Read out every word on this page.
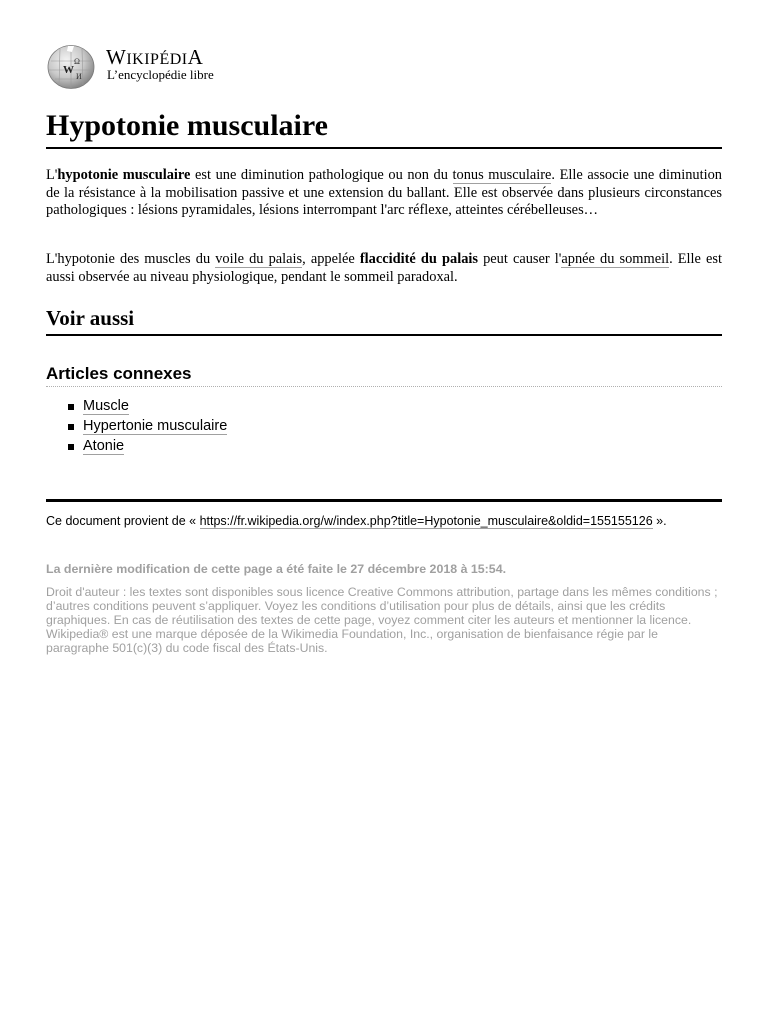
W
Ω
И
WIKIPÉDIA
L’encyclopédie libre
Hypotonie musculaire

L'hypotonie musculaire est une diminution pathologique ou non du tonus musculaire. Elle associe une diminution de la résistance à la mobilisation passive et une extension du ballant. Elle est observée dans plusieurs circonstances pathologiques : lésions pyramidales, lésions interrompant l'arc réflexe, atteintes cérébelleuses…

L'hypotonie des muscles du voile du palais, appelée flaccidité du palais peut causer l'apnée du sommeil. Elle est aussi observée au niveau physiologique, pendant le sommeil paradoxal.

Voir aussi
Articles connexes
Muscle
Hypertonie musculaire
Atonie

Ce document provient de « https://fr.wikipedia.org/w/index.php?title=Hypotonie_musculaire&oldid=155155126 ».

La dernière modification de cette page a été faite le 27 décembre 2018 à 15:54.

Droit d'auteur : les textes sont disponibles sous licence Creative Commons attribution, partage dans les mêmes conditions ; d’autres conditions peuvent s’appliquer. Voyez les conditions d’utilisation pour plus de détails, ainsi que les crédits graphiques. En cas de réutilisation des textes de cette page, voyez comment citer les auteurs et mentionner la licence.
Wikipedia® est une marque déposée de la Wikimedia Foundation, Inc., organisation de bienfaisance régie par le paragraphe 501(c)(3) du code fiscal des États-Unis.
